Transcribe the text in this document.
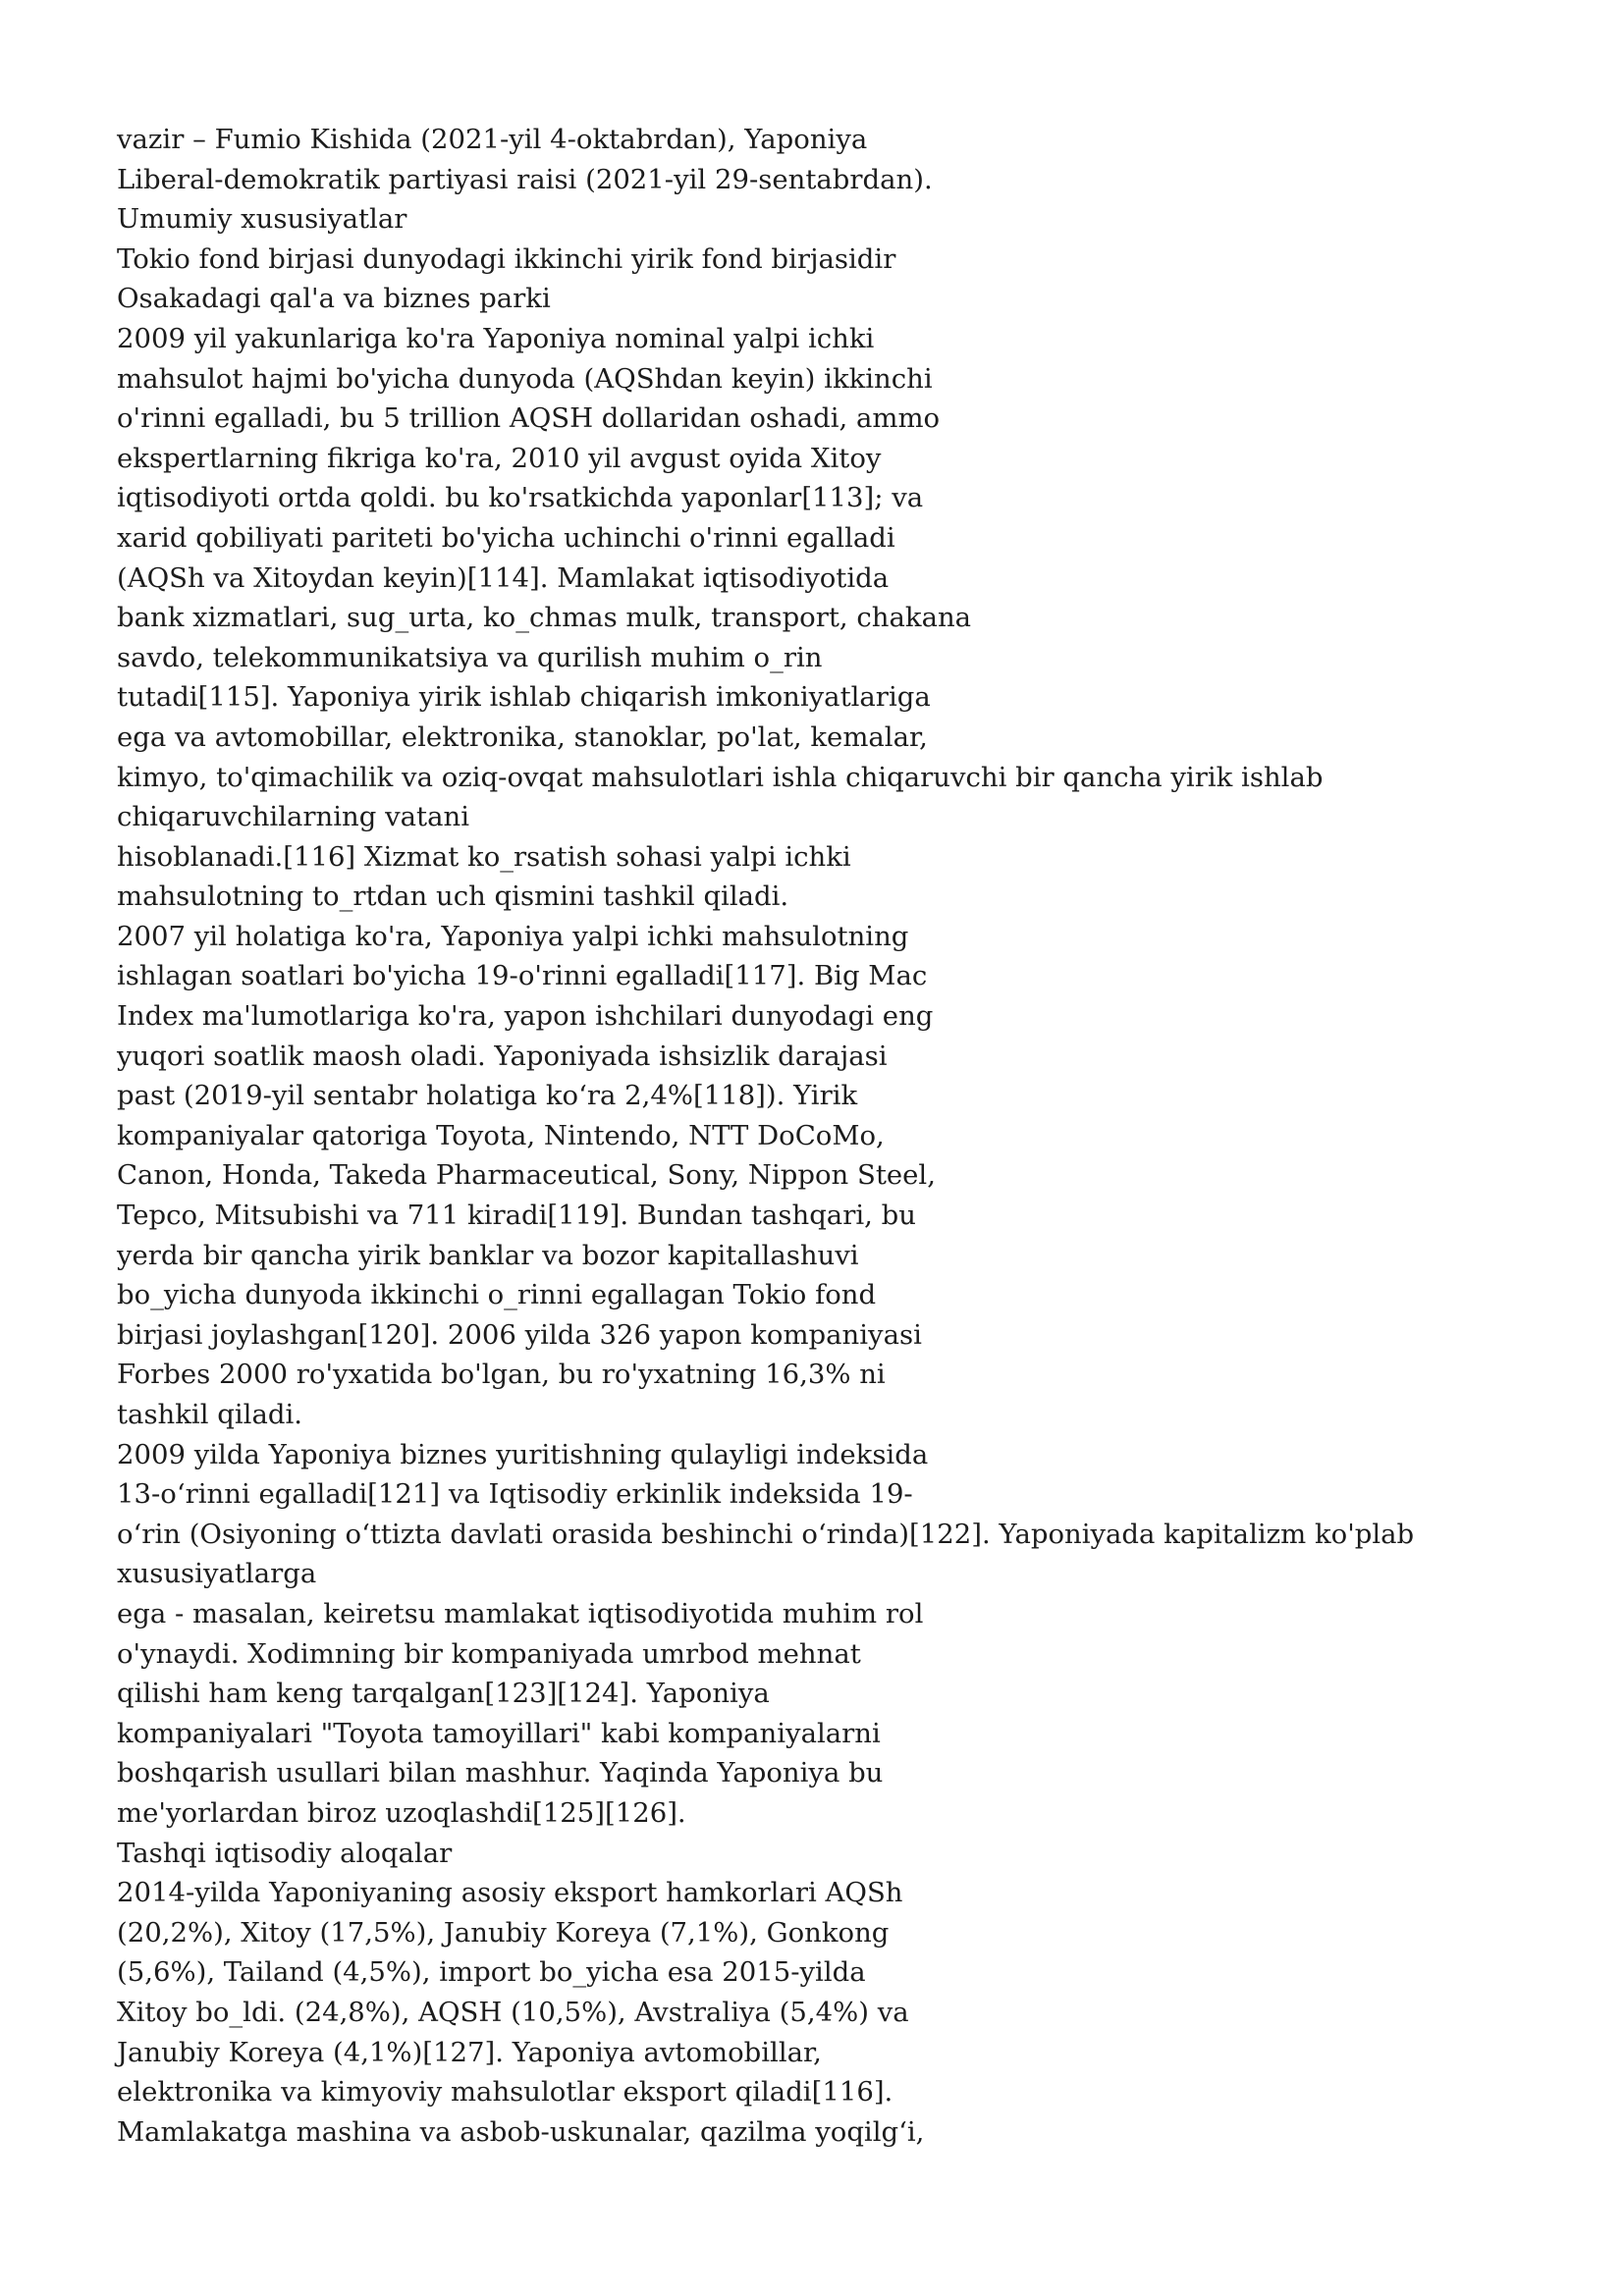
vazir – Fumio Kishida (2021-yil 4-oktabrdan), Yaponiya

Liberal-demokratik partiyasi raisi (2021-yil 29-sentabrdan).

Umumiy xususiyatlar

Tokio fond birjasi dunyodagi ikkinchi yirik fond birjasidir

Osakadagi qal'a va biznes parki

2009 yil yakunlariga ko'ra Yaponiya nominal yalpi ichki

mahsulot hajmi bo'yicha dunyoda (AQShdan keyin) ikkinchi

o'rinni egalladi, bu 5 trillion AQSH dollaridan oshadi, ammo

ekspertlarning fikriga ko'ra, 2010 yil avgust oyida Xitoy

iqtisodiyoti ortda qoldi. bu ko'rsatkichda yaponlar[113]; va

xarid qobiliyati pariteti bo'yicha uchinchi o'rinni egalladi

(AQSh va Xitoydan keyin)[114]. Mamlakat iqtisodiyotida

bank xizmatlari, sug_urta, ko_chmas mulk, transport, chakana

savdo, telekommunikatsiya va qurilish muhim o_rin

tutadi[115]. Yaponiya yirik ishlab chiqarish imkoniyatlariga

ega va avtomobillar, elektronika, stanoklar, po'lat, kemalar,

kimyo, to'qimachilik va oziq-ovqat mahsulotlari ishla chiqaruvchi bir qancha yirik ishlab

chiqaruvchilarning vatani

hisoblanadi.[116] Xizmat ko_rsatish sohasi yalpi ichki

mahsulotning to_rtdan uch qismini tashkil qiladi.

2007 yil holatiga ko'ra, Yaponiya yalpi ichki mahsulotning

ishlagan soatlari bo'yicha 19-o'rinni egalladi[117]. Big Mac

Index ma'lumotlariga ko'ra, yapon ishchilari dunyodagi eng

yuqori soatlik maosh oladi. Yaponiyada ishsizlik darajasi

past (2019-yil sentabr holatiga koʻra 2,4%[118]). Yirik

kompaniyalar qatoriga Toyota, Nintendo, NTT DoCoMo,

Canon, Honda, Takeda Pharmaceutical, Sony, Nippon Steel,

Tepco, Mitsubishi va 711 kiradi[119]. Bundan tashqari, bu

yerda bir qancha yirik banklar va bozor kapitallashuvi

bo_yicha dunyoda ikkinchi o_rinni egallagan Tokio fond

birjasi joylashgan[120]. 2006 yilda 326 yapon kompaniyasi

Forbes 2000 ro'yxatida bo'lgan, bu ro'yxatning 16,3% ni

tashkil qiladi.

2009 yilda Yaponiya biznes yuritishning qulayligi indeksida

13-oʻrinni egalladi[121] va Iqtisodiy erkinlik indeksida 19-

oʻrin (Osiyoning oʻttizta davlati orasida beshinchi oʻrinda)[122]. Yaponiyada kapitalizm ko'plab

xususiyatlarga

ega - masalan, keiretsu mamlakat iqtisodiyotida muhim rol

o'ynaydi. Xodimning bir kompaniyada umrbod mehnat

qilishi ham keng tarqalgan[123][124]. Yaponiya

kompaniyalari "Toyota tamoyillari" kabi kompaniyalarni

boshqarish usullari bilan mashhur. Yaqinda Yaponiya bu

me'yorlardan biroz uzoqlashdi[125][126].

Tashqi iqtisodiy aloqalar

2014-yilda Yaponiyaning asosiy eksport hamkorlari AQSh

(20,2%), Xitoy (17,5%), Janubiy Koreya (7,1%), Gonkong

(5,6%), Tailand (4,5%), import bo_yicha esa 2015-yilda

Xitoy bo_ldi. (24,8%), AQSH (10,5%), Avstraliya (5,4%) va

Janubiy Koreya (4,1%)[127]. Yaponiya avtomobillar,

elektronika va kimyoviy mahsulotlar eksport qiladi[116].

Mamlakatga mashina va asbob-uskunalar, qazilma yoqilgʻi,
